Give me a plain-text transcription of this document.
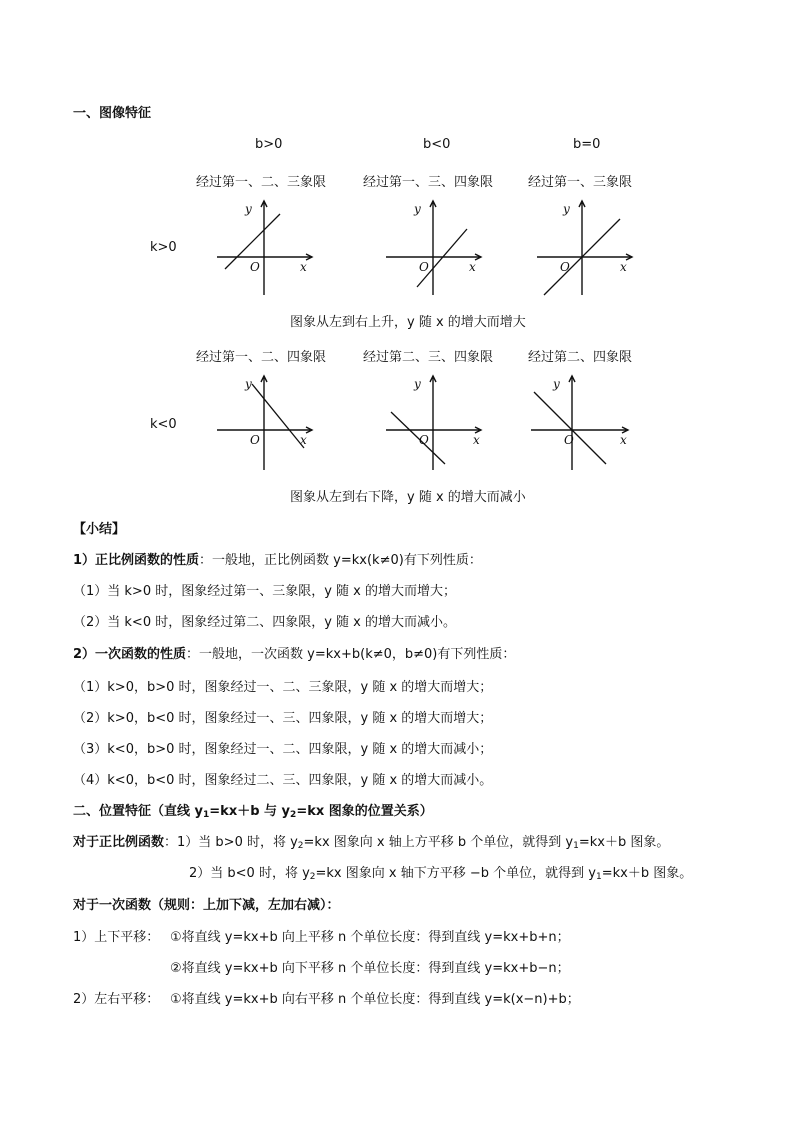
一、图像特征
b>0	b<0	b=0
经过第一、二、三象限	经过第一、三、四象限	经过第一、三象限
k>0
y
x
O
y
x
O
y
x
O
图象从左到右上升，y 随 x 的增大而增大
经过第一、二、四象限	经过第二、三、四象限	经过第二、四象限
k<0
y
x
O
y
x
O
y
x
O
图象从左到右下降，y 随 x 的增大而减小
【小结】
1）正比例函数的性质：一般地，正比例函数 y=kx(k≠0)有下列性质：
（1）当 k>0 时，图象经过第一、三象限，y 随 x 的增大而增大；
（2）当 k<0 时，图象经过第二、四象限，y 随 x 的增大而减小。
2）一次函数的性质：一般地，一次函数 y=kx+b(k≠0，b≠0)有下列性质：
（1）k>0，b>0 时，图象经过一、二、三象限，y 随 x 的增大而增大；
（2）k>0，b<0 时，图象经过一、三、四象限，y 随 x 的增大而增大；
（3）k<0，b>0 时，图象经过一、二、四象限，y 随 x 的增大而减小；
（4）k<0，b<0 时，图象经过二、三、四象限，y 随 x 的增大而减小。
二、位置特征（直线 $y_1=kx+b$ 与 $y_2=kx$ 图象的位置关系）
对于正比例函数：1）当 b>0 时，将 $y_2=kx$ 图象向 x 轴上方平移 b 个单位，就得到 $y_1=kx+b$ 图象。
2）当 b<0 时，将 $y_2=kx$ 图象向 x 轴下方平移 −b 个单位，就得到 $y_1=kx+b$ 图象。
对于一次函数（规则：上加下减，左加右减）：
1）上下平移： ①将直线 y=kx+b 向上平移 n 个单位长度：得到直线 y=kx+b+n；
②将直线 y=kx+b 向下平移 n 个单位长度：得到直线 y=kx+b−n；
2）左右平移： ①将直线 y=kx+b 向右平移 n 个单位长度：得到直线 y=k(x−n)+b；
